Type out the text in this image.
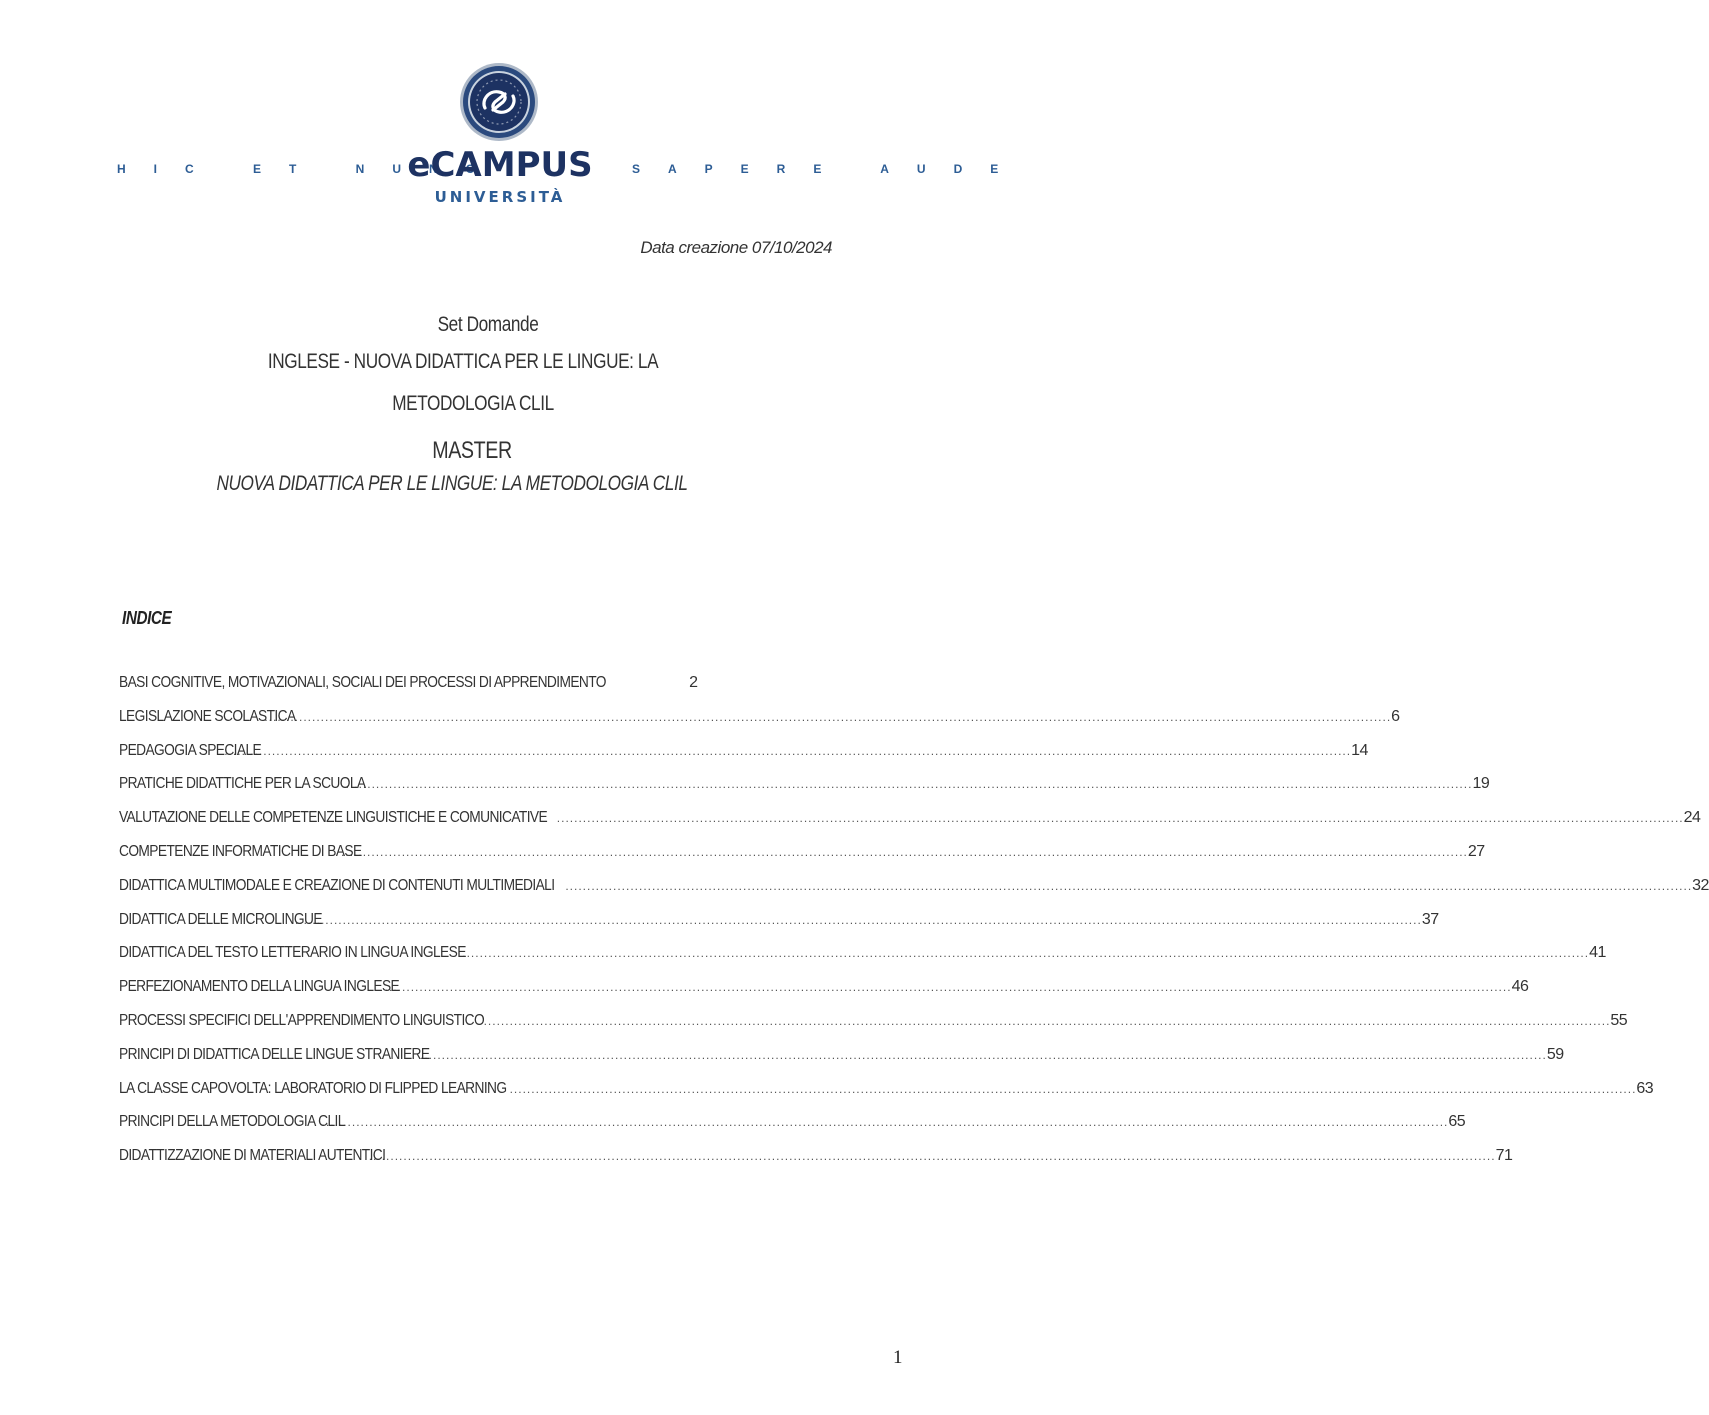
HIC ET NUNC	SAPERE AUDE
eCAMPUS
UNIVERSITÀ
Data creazione 07/10/2024
Set Domande
INGLESE - NUOVA DIDATTICA PER LE LINGUE: LA
METODOLOGIA CLIL
MASTER
NUOVA DIDATTICA PER LE LINGUE: LA METODOLOGIA CLIL
INDICE
BASI COGNITIVE, MOTIVAZIONALI, SOCIALI DEI PROCESSI DI APPRENDIMENTO	2
LEGISLAZIONE SCOLASTICA
.................................................................................................................................................................................................................................................................... 6
PEDAGOGIA SPECIALE
.................................................................................................................................................................................................................................................................... 14
PRATICHE DIDATTICHE PER LA SCUOLA
.................................................................................................................................................................................................................................................................... 19
VALUTAZIONE DELLE COMPETENZE LINGUISTICHE E COMUNICATIVE .................................................................................................................................................................................................................................................................... 24
COMPETENZE INFORMATICHE DI BASE
.................................................................................................................................................................................................................................................................... 27
DIDATTICA MULTIMODALE E CREAZIONE DI CONTENUTI MULTIMEDIALI .................................................................................................................................................................................................................................................................... 32
DIDATTICA DELLE MICROLINGUE
.................................................................................................................................................................................................................................................................... 37
DIDATTICA DEL TESTO LETTERARIO IN LINGUA INGLESE
.................................................................................................................................................................................................................................................................... 41
PERFEZIONAMENTO DELLA LINGUA INGLESE
.................................................................................................................................................................................................................................................................... 46
PROCESSI SPECIFICI DELL'APPRENDIMENTO LINGUISTICO .................................................................................................................................................................................................................................................................... 55
PRINCIPI DI DIDATTICA DELLE LINGUE STRANIERE
.................................................................................................................................................................................................................................................................... 59
LA CLASSE CAPOVOLTA: LABORATORIO DI FLIPPED LEARNING .................................................................................................................................................................................................................................................................... 63
PRINCIPI DELLA METODOLOGIA CLIL
.................................................................................................................................................................................................................................................................... 65
DIDATTIZZAZIONE DI MATERIALI AUTENTICI
.................................................................................................................................................................................................................................................................... 71
1
